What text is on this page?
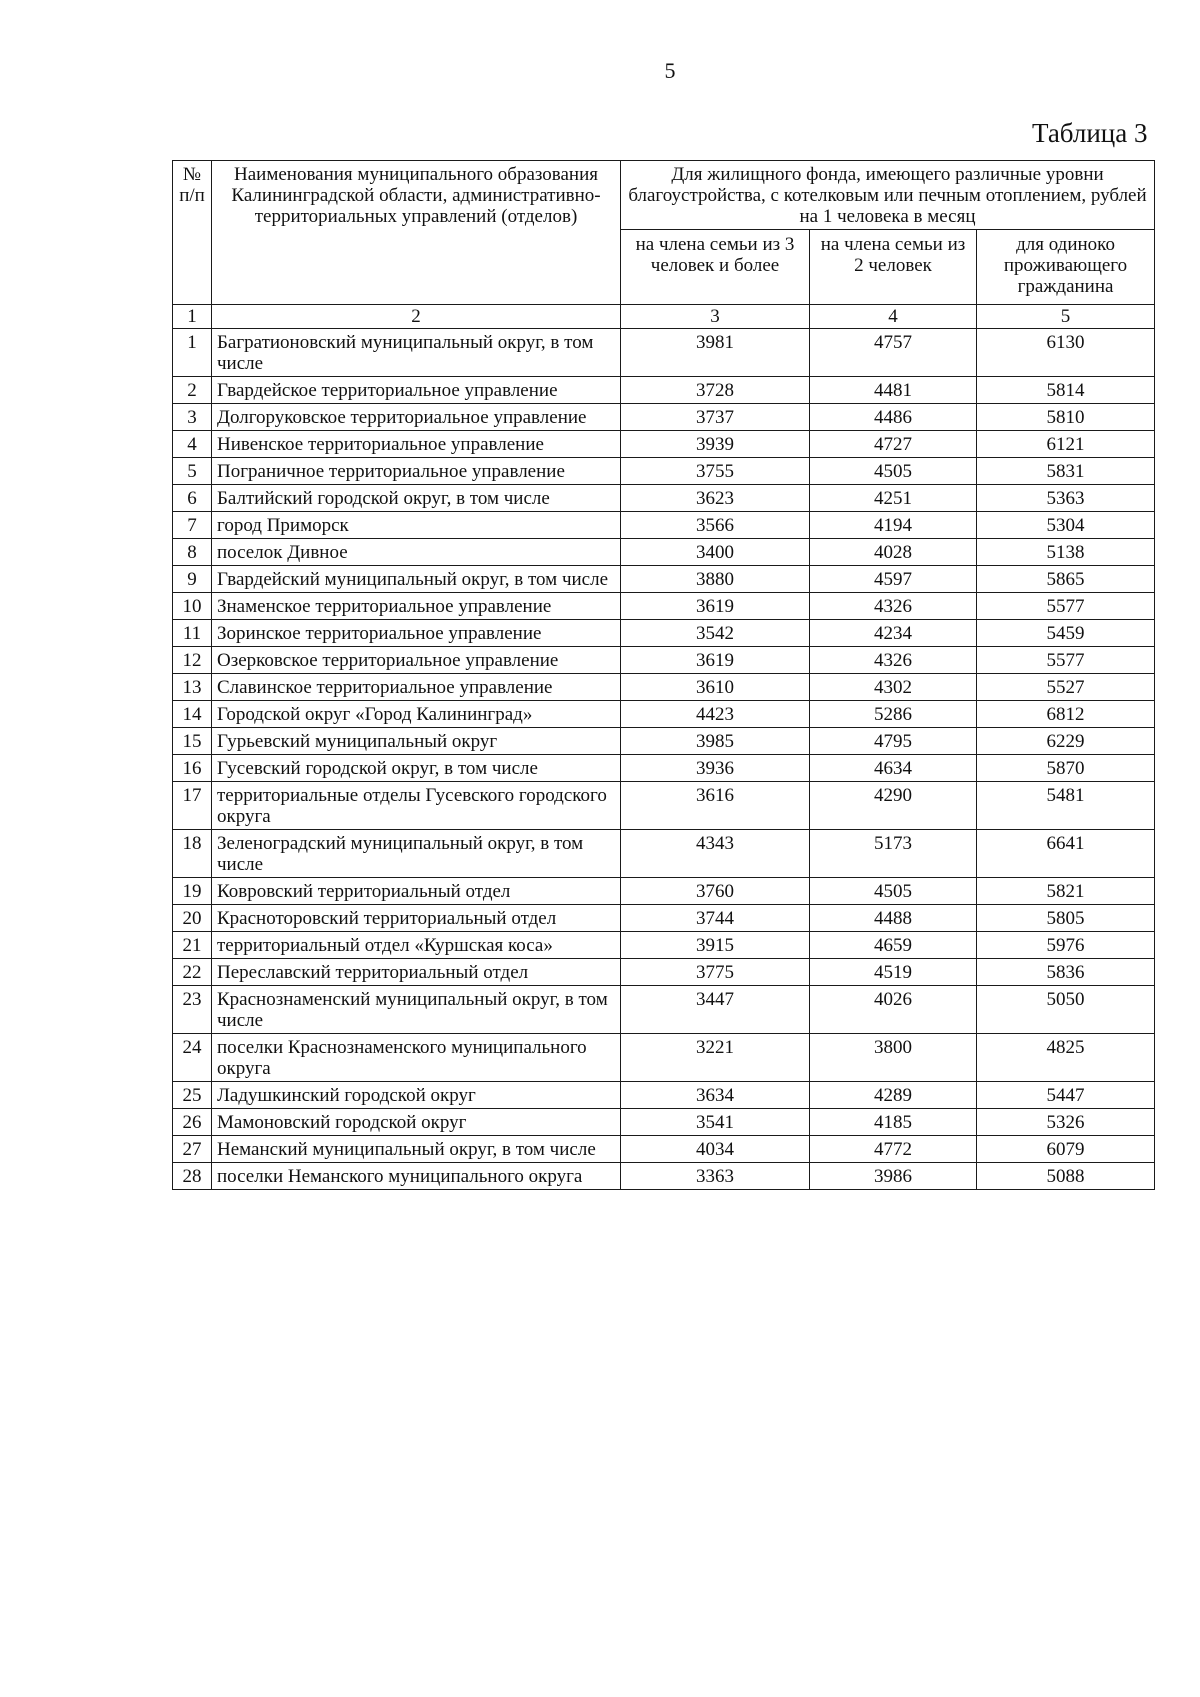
5
Таблица 3
№ п/п	Наименования муниципального образования Калининградской области, административно-территориальных управлений (отделов)	Для жилищного фонда, имеющего различные уровни благоустройства, с котелковым или печным отоплением, рублей на 1 человека в месяц		
		на члена семьи из 3 человек и более	на члена семьи из 2 человек	для одиноко проживающего гражданина
1	2	3	4	5
1	Багратионовский муниципальный округ, в том числе	3981	4757	6130
2	Гвардейское территориальное управление	3728	4481	5814
3	Долгоруковское территориальное управление	3737	4486	5810
4	Нивенское территориальное управление	3939	4727	6121
5	Пограничное территориальное управление	3755	4505	5831
6	Балтийский городской округ, в том числе	3623	4251	5363
7	город Приморск	3566	4194	5304
8	поселок Дивное	3400	4028	5138
9	Гвардейский муниципальный округ, в том числе	3880	4597	5865
10	Знаменское территориальное управление	3619	4326	5577
11	Зоринское территориальное управление	3542	4234	5459
12	Озерковское территориальное управление	3619	4326	5577
13	Славинское территориальное управление	3610	4302	5527
14	Городской округ «Город Калининград»	4423	5286	6812
15	Гурьевский муниципальный округ	3985	4795	6229
16	Гусевский городской округ, в том числе	3936	4634	5870
17	территориальные отделы Гусевского городского округа	3616	4290	5481
18	Зеленоградский муниципальный округ, в том числе	4343	5173	6641
19	Ковровский территориальный отдел	3760	4505	5821
20	Красноторовский территориальный отдел	3744	4488	5805
21	территориальный отдел «Куршская коса»	3915	4659	5976
22	Переславский территориальный отдел	3775	4519	5836
23	Краснознаменский муниципальный округ, в том числе	3447	4026	5050
24	поселки Краснознаменского муниципального округа	3221	3800	4825
25	Ладушкинский городской округ	3634	4289	5447
26	Мамоновский городской округ	3541	4185	5326
27	Неманский муниципальный округ, в том числе	4034	4772	6079
28	поселки Неманского муниципального округа	3363	3986	5088
